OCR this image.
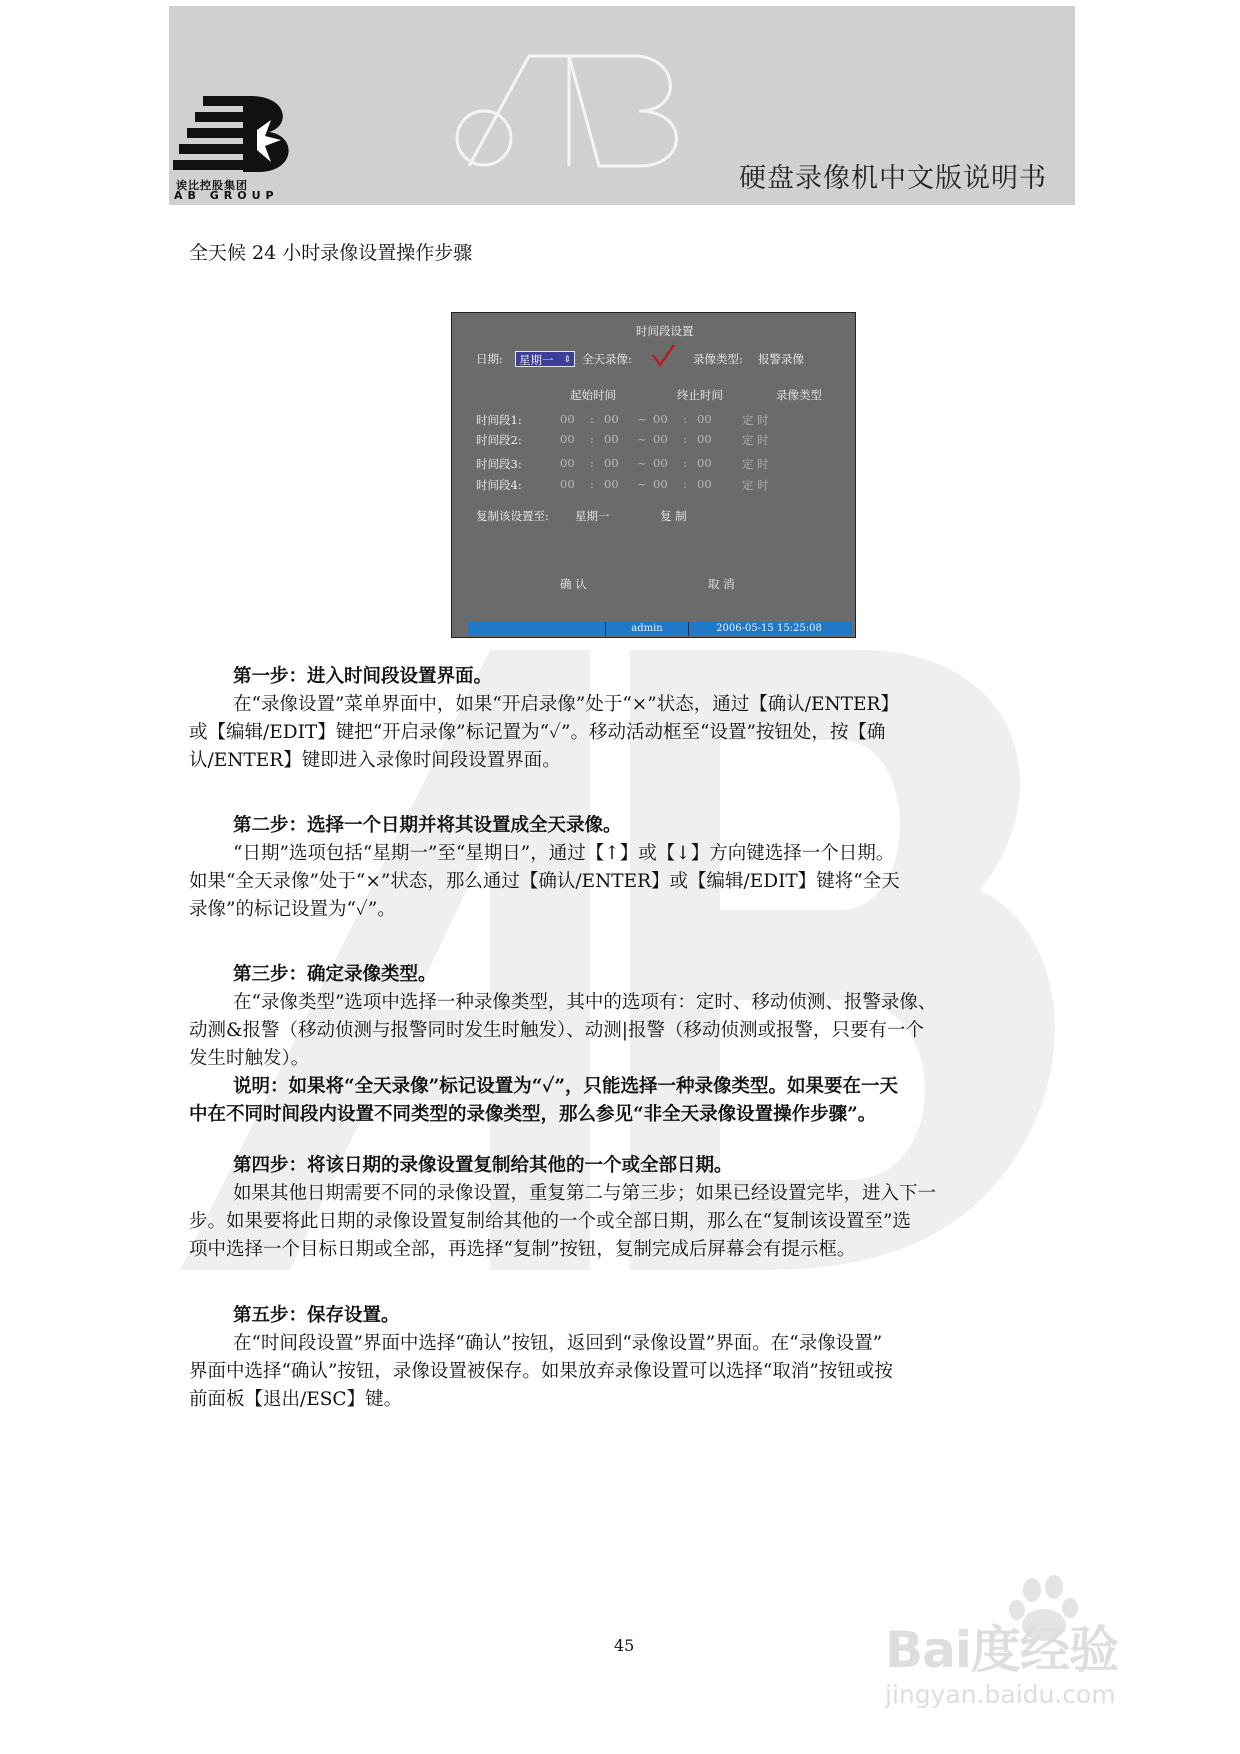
诶比控股集团
AB GROUP
硬盘录像机中文版说明书
全天候 24 小时录像设置操作步骤
时间段设置
日期:	星期一 ⇕ 全天录像:	录像类型: 报警录像
起始时间	终止时间	录像类型
时间段1:	00 : 00 ~ 00 : 00	定 时
时间段2:	00 : 00 ~ 00 : 00	定 时
时间段3:	00 : 00 ~ 00 : 00	定 时
时间段4:	00 : 00 ~ 00 : 00	定 时
复制该设置至: 星期一	复 制
确 认	取 消
admin	2006-05-15 15:25:08
第一步：进入时间段设置界面。
在“录像设置”菜单界面中，如果“开启录像”处于“×”状态，通过【确认/ENTER】
或【编辑/EDIT】键把“开启录像”标记置为“✓”。移动活动框至“设置”按钮处，按【确
认/ENTER】键即进入录像时间段设置界面。
第二步：选择一个日期并将其设置成全天录像。
“日期”选项包括“星期一”至“星期日”，通过【↑】或【↓】方向键选择一个日期。
如果“全天录像”处于“×”状态，那么通过【确认/ENTER】或【编辑/EDIT】键将“全天
录像”的标记设置为“✓”。
第三步：确定录像类型。
在“录像类型”选项中选择一种录像类型，其中的选项有：定时、移动侦测、报警录像、
动测&报警（移动侦测与报警同时发生时触发）、动测|报警（移动侦测或报警，只要有一个
发生时触发）。
说明：如果将“全天录像”标记设置为“✓”，只能选择一种录像类型。如果要在一天
中在不同时间段内设置不同类型的录像类型，那么参见“非全天录像设置操作步骤”。
第四步：将该日期的录像设置复制给其他的一个或全部日期。
如果其他日期需要不同的录像设置，重复第二与第三步；如果已经设置完毕，进入下一
步。如果要将此日期的录像设置复制给其他的一个或全部日期，那么在“复制该设置至”选
项中选择一个目标日期或全部，再选择“复制”按钮，复制完成后屏幕会有提示框。
第五步：保存设置。
在“时间段设置”界面中选择“确认”按钮，返回到“录像设置”界面。在“录像设置”
界面中选择“确认”按钮，录像设置被保存。如果放弃录像设置可以选择“取消”按钮或按
前面板【退出/ESC】键。
45	Bai度经验
jingyan.baidu.com
